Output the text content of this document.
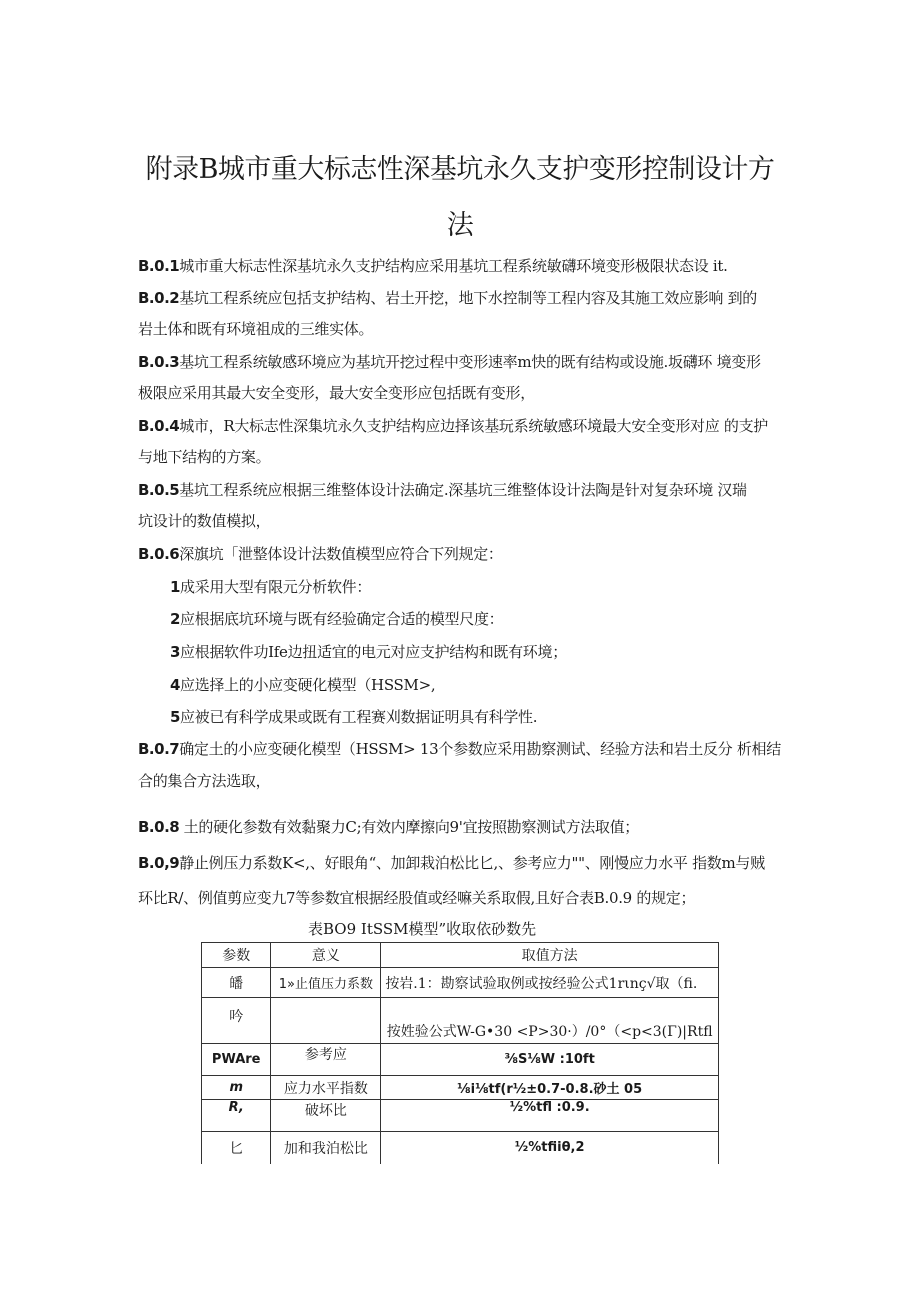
附录B城市重大标志性深基坑永久支护变形控制设计方
法
B.0.1城市重大标志性深基坑永久支护结构应采用基坑工程系统敏礴环境变形极限状态设 it.
B.0.2基坑工程系统应包括支护结构、岩土开挖，地下水控制等工程内容及其施工效应影响 到的
岩土体和既有环境祖成的三维实体。
B.0.3基坑工程系统敏感环境应为基坑开挖过程中变形速率m快的既有结构或设施.坂礴环 境变形
极限应采用其最大安全变形，最大安全变形应包括既有变形，
B.0.4城市，R大标志性深集坑永久支护结构应边择该基玩系统敏感环境最大安全变形对应 的支护
与地下结构的方案。
B.0.5基坑工程系统应根据三维整体设计法确定.深基坑三维整体设计法陶是针对复杂环境 汉瑞
坑设计的数值模拟，
B.0.6深旗坑「泄整体设计法数值模型应符合下列规定：
1成采用大型有限元分析软件：
2应根据底坑环境与既有经验确定合适的模型尺度：
3应根据软件功Ife边扭适宜的电元对应支护结构和既有环境；
4应选择上的小应变硬化模型（HSSM>,
5应被已有科学成果或既有工程赛刈数据证明具有科学性.
B.0.7确定土的小应变硬化模型（HSSM> 13个参数应采用勘察测试、经验方法和岩土反分 析相结
合的集合方法选取，
B.0.8 土的硬化参数有效黏聚力C;有效内摩擦向9'宜按照勘察测试方法取值；
B.0,9静止例压力系数K<,、好眼角“、加卸栽泊松比匕,、参考应力""、刚慢应力水平 指数m与贼
环比R/、例值剪应变九7等参数宜根据经股值或经嘛关系取假,且好合表B.0.9 的规定；
表BO9 ItSSM模型”收取依砂数先
参数	意义	取值方法
皤	1»止值压力系数	按岩.1：勘察试验取例或按经验公式1rιnç√取（fi.
吟		按姓验公式W-G•30 <P>30·）/0°（<p<3(Γ)|Rtfl
PWAre	参考应	⅜S⅛W :10ft
m	应力水平指数	⅛i⅛tf(r½±0.7-0.8.砂土 05
R,	破坏比	½%tfl :0.9.
匕	加和我泊松比	½%tfiiθ,2
